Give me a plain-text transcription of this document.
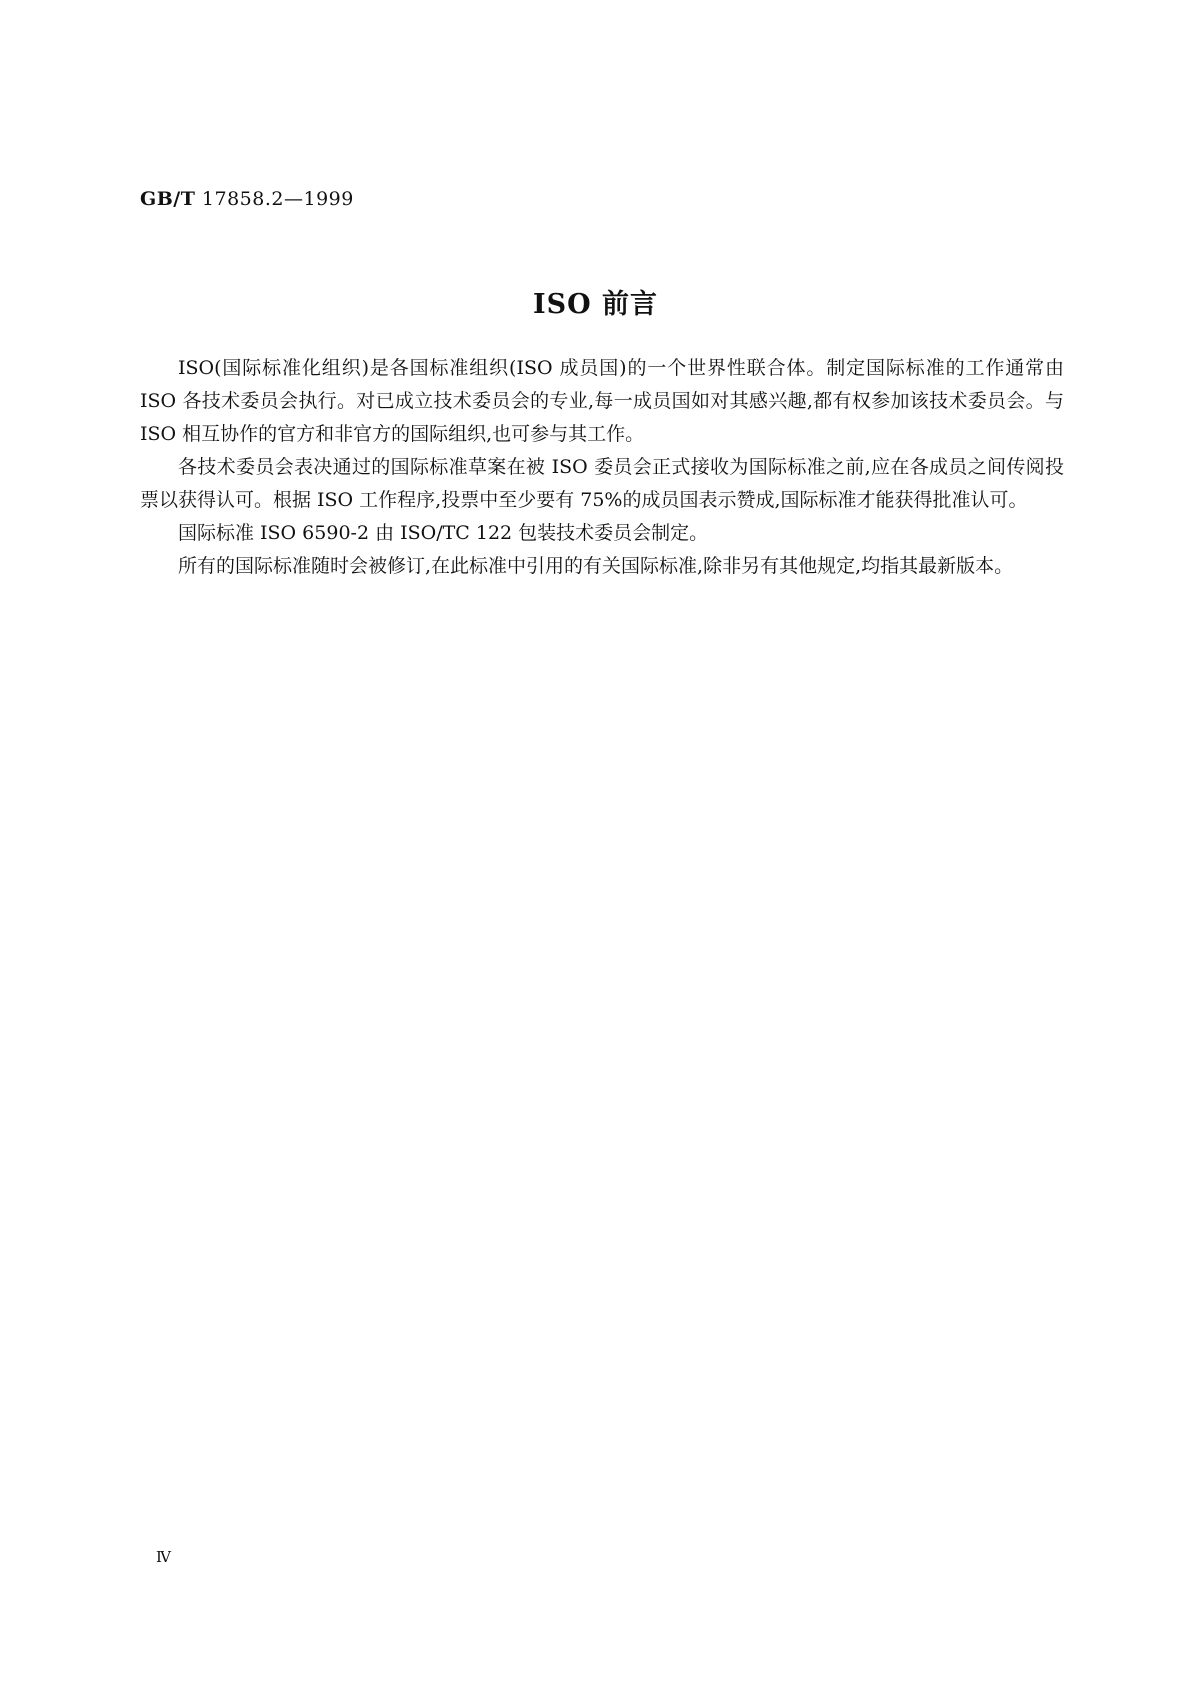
GB/T 17858.2—1999
ISO 前言

ISO(国际标准化组织)是各国标准组织(ISO 成员国)的一个世界性联合体。制定国际标准的工作通常由 ISO 各技术委员会执行。对已成立技术委员会的专业,每一成员国如对其感兴趣,都有权参加该技术委员会。与 ISO 相互协作的官方和非官方的国际组织,也可参与其工作。

各技术委员会表决通过的国际标准草案在被 ISO 委员会正式接收为国际标准之前,应在各成员之间传阅投票以获得认可。根据 ISO 工作程序,投票中至少要有 75%的成员国表示赞成,国际标准才能获得批准认可。

国际标准 ISO 6590-2 由 ISO/TC 122 包装技术委员会制定。

所有的国际标准随时会被修订,在此标准中引用的有关国际标准,除非另有其他规定,均指其最新版本。

Ⅳ
